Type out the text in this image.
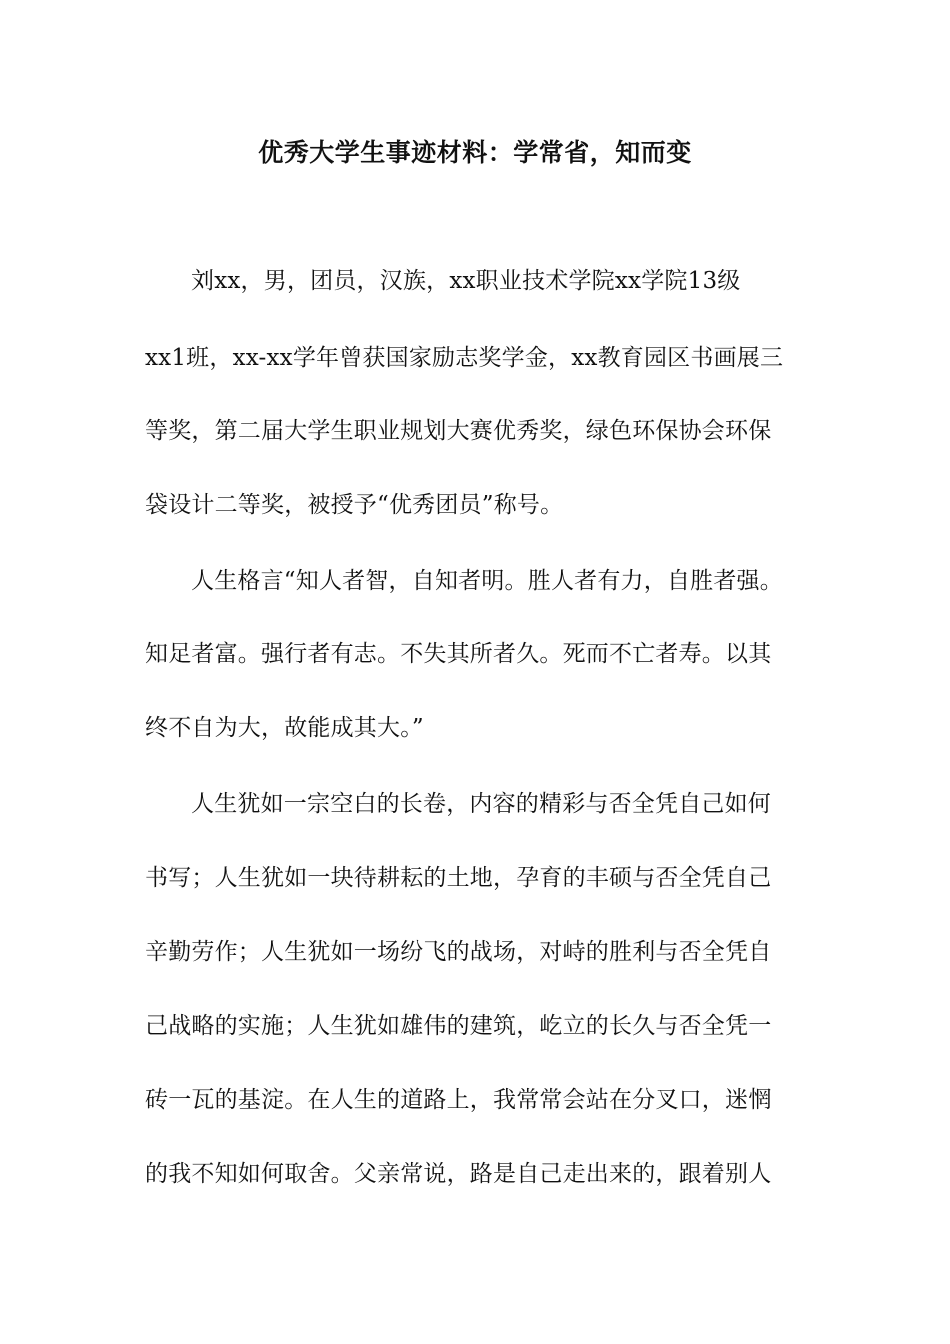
优秀大学生事迹材料：学常省，知而变
刘xx，男，团员，汉族，xx职业技术学院xx学院13级
xx1班，xx-xx学年曾获国家励志奖学金，xx教育园区书画展三
等奖，第二届大学生职业规划大赛优秀奖，绿色环保协会环保
袋设计二等奖，被授予“优秀团员”称号。
人生格言“知人者智，自知者明。胜人者有力，自胜者强。
知足者富。强行者有志。不失其所者久。死而不亡者寿。以其
终不自为大，故能成其大。”
人生犹如一宗空白的长卷，内容的精彩与否全凭自己如何
书写；人生犹如一块待耕耘的土地，孕育的丰硕与否全凭自己
辛勤劳作；人生犹如一场纷飞的战场，对峙的胜利与否全凭自
己战略的实施；人生犹如雄伟的建筑，屹立的长久与否全凭一
砖一瓦的基淀。在人生的道路上，我常常会站在分叉口，迷惘
的我不知如何取舍。父亲常说，路是自己走出来的，跟着别人
